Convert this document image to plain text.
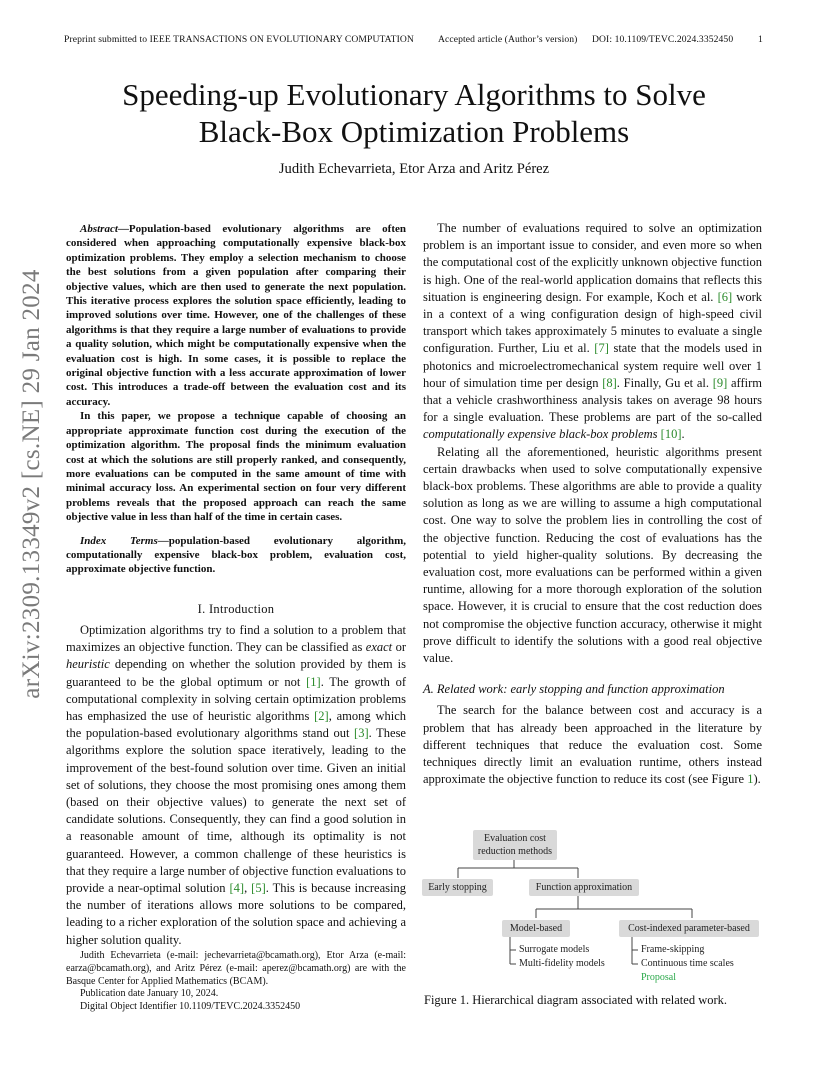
Preprint submitted to IEEE TRANSACTIONS ON EVOLUTIONARY COMPUTATION	Accepted article (Author’s version) DOI: 10.1109/TEVC.2024.3352450	1
Speeding-up Evolutionary Algorithms to Solve
Black-Box Optimization Problems
Judith Echevarrieta, Etor Arza and Aritz Pérez
arXiv:2309.13349v2 [cs.NE] 29 Jan 2024

Abstract—Population-based evolutionary algorithms are often considered when approaching computationally expensive black-box optimization problems. They employ a selection mechanism to choose the best solutions from a given population after comparing their objective values, which are then used to generate the next population. This iterative process explores the solution space efficiently, leading to improved solutions over time. However, one of the challenges of these algorithms is that they require a large number of evaluations to provide a quality solution, which might be computationally expensive when the evaluation cost is high. In some cases, it is possible to replace the original objective function with a less accurate approximation of lower cost. This introduces a trade-off between the evaluation cost and its accuracy.

In this paper, we propose a technique capable of choosing an appropriate approximate function cost during the execution of the optimization algorithm. The proposal finds the minimum evaluation cost at which the solutions are still properly ranked, and consequently, more evaluations can be computed in the same amount of time with minimal accuracy loss. An experimental section on four very different problems reveals that the proposed approach can reach the same objective value in less than half of the time in certain cases.

Index Terms—population-based evolutionary algorithm, computationally expensive black-box problem, evaluation cost, approximate objective function.

I. Introduction

Optimization algorithms try to find a solution to a problem that maximizes an objective function. They can be classified as exact or heuristic depending on whether the solution provided by them is guaranteed to be the global optimum or not [1]. The growth of computational complexity in solving certain optimization problems has emphasized the use of heuristic algorithms [2], among which the population-based evolutionary algorithms stand out [3]. These algorithms explore the solution space iteratively, leading to the improvement of the best-found solution over time. Given an initial set of solutions, they choose the most promising ones among them (based on their objective values) to generate the next set of candidate solutions. Consequently, they can find a good solution in a reasonable amount of time, although its optimality is not guaranteed. However, a common challenge of these heuristics is that they require a large number of objective function evaluations to provide a near-optimal solution [4], [5]. This is because increasing the number of iterations allows more solutions to be compared, leading to a richer exploration of the solution space and achieving a higher solution quality.

Judith Echevarrieta (e-mail: jechevarrieta@bcamath.org), Etor Arza (e-mail: earza@bcamath.org), and Aritz Pérez (e-mail: aperez@bcamath.org) are with the Basque Center for Applied Mathematics (BCAM).
Publication date January 10, 2024.
Digital Object Identifier 10.1109/TEVC.2024.3352450

The number of evaluations required to solve an optimization problem is an important issue to consider, and even more so when the computational cost of the explicitly unknown objective function is high. One of the real-world application domains that reflects this situation is engineering design. For example, Koch et al. [6] work in a context of a wing configuration design of high-speed civil transport which takes approximately 5 minutes to evaluate a single configuration. Further, Liu et al. [7] state that the models used in photonics and microelectromechanical system require well over 1 hour of simulation time per design [8]. Finally, Gu et al. [9] affirm that a vehicle crashworthiness analysis takes on average 98 hours for a single evaluation. These problems are part of the so-called computationally expensive black-box problems [10].

Relating all the aforementioned, heuristic algorithms present certain drawbacks when used to solve computationally expensive black-box problems. These algorithms are able to provide a quality solution as long as we are willing to assume a high computational cost. One way to solve the problem lies in controlling the cost of the objective function. Reducing the cost of evaluations has the potential to yield higher-quality solutions. By decreasing the evaluation cost, more evaluations can be performed within a given runtime, allowing for a more thorough exploration of the solution space. However, it is crucial to ensure that the cost reduction does not compromise the objective function accuracy, otherwise it might prove difficult to identify the solutions with a good real objective value.

A. Related work: early stopping and function approximation

The search for the balance between cost and accuracy is a problem that has already been approached in the literature by different techniques that reduce the evaluation cost. Some techniques directly limit an evaluation runtime, others instead approximate the objective function to reduce its cost (see Figure 1).

Evaluation cost reduction methods
Early stopping	Function approximation
Model-based	Cost-indexed parameter-based
Surrogate models
Multi-fidelity models
Frame-skipping
Continuous time scales
Proposal
Figure 1. Hierarchical diagram associated with related work.
